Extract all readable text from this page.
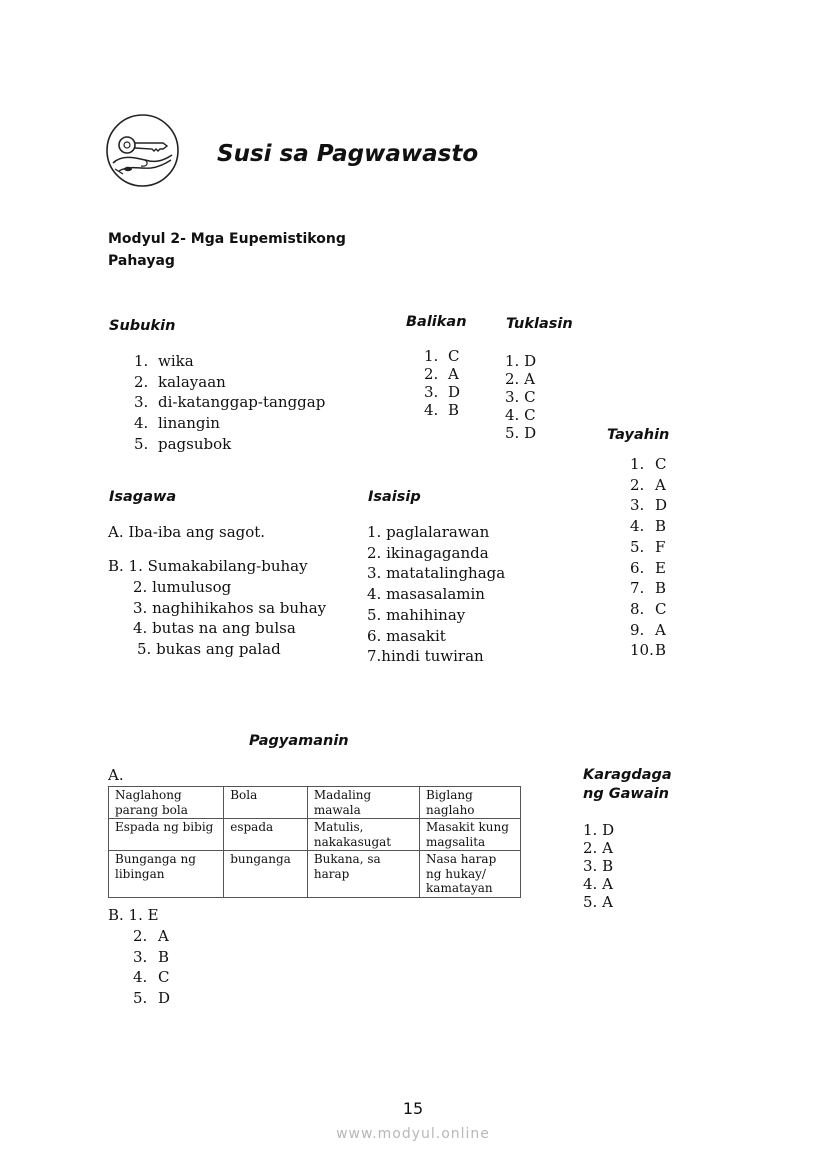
Susi sa Pagwawasto
Modyul 2- Mga Eupemistikong
Pahayag
Subukin
1. wika
2. kalayaan
3. di-katanggap-tanggap
4. linangin
5. pagsubok
Balikan
1. C
2. A
3. D
4. B
Tuklasin
1. D
2. A
3. C
4. C
5. D	Tayahin
1. C
2. A
3. D
4. B
5. F
6. E
7. B
8. C
9. A
10.B
Isagawa
A. Iba-iba ang sagot.
B. 1. Sumakabilang-buhay
2. lumulusog
3. naghihikahos sa buhay
4. butas na ang bulsa
5. bukas ang palad
Isaisip
1. paglalarawan
2. ikinagaganda
3. matatalinghaga
4. masasalamin
5. mahihinay
6. masakit
7.hindi tuwiran
Pagyamanin
A.
Naglahong parang bola	Bola	Madaling mawala	Biglang naglaho
Espada ng bibig	espada	Matulis, nakakasugat	Masakit kung magsalita
Bunganga ng libingan	bunganga	Bukana, sa harap	Nasa harap ng hukay/ kamatayan
B. 1. E
2. A
3. B
4. C
5. D
Karagdaga
ng Gawain
1. D
2. A
3. B
4. A
5. A
15
www.modyul.online
